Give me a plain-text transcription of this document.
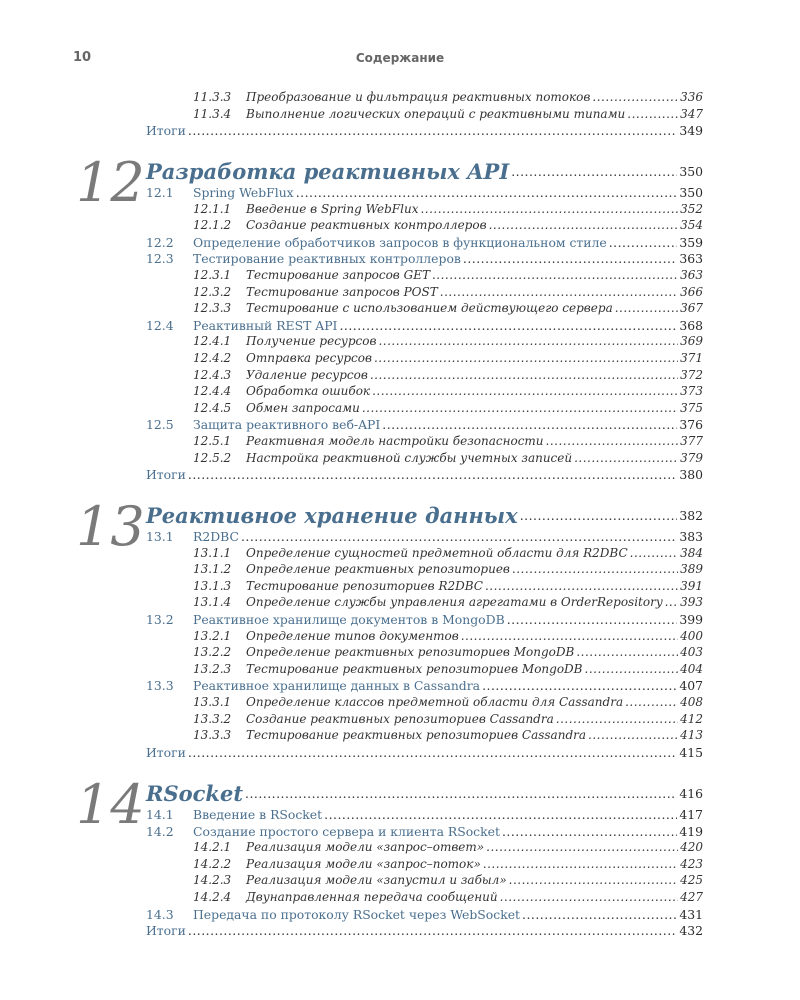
10	Содержание
11.3.3	Преобразование и фильтрация реактивных потоков .....	336
11.3.4	Выполнение логических операций с реактивными типами .....	347
Итоги .....	349
12 Разработка реактивных API .....	350
12.1	Spring WebFlux .....	350
12.1.1	Введение в Spring WebFlux .....	352
12.1.2	Создание реактивных контроллеров .....	354
12.2	Определение обработчиков запросов в функциональном стиле .....	359
12.3	Тестирование реактивных контроллеров .....	363
12.3.1	Тестирование запросов GET .....	363
12.3.2	Тестирование запросов POST .....	366
12.3.3	Тестирование с использованием действующего сервера .....	367
12.4	Реактивный REST API .....	368
12.4.1	Получение ресурсов .....	369
12.4.2	Отправка ресурсов .....	371
12.4.3	Удаление ресурсов .....	372
12.4.4	Обработка ошибок .....	373
12.4.5	Обмен запросами .....	375
12.5	Защита реактивного веб-API .....	376
12.5.1	Реактивная модель настройки безопасности .....	377
12.5.2	Настройка реактивной службы учетных записей .....	379
Итоги .....	380
13 Реактивное хранение данных .....	382
13.1	R2DBC .....	383
13.1.1	Определение сущностей предметной области для R2DBC .....	384
13.1.2	Определение реактивных репозиториев .....	389
13.1.3	Тестирование репозиториев R2DBC .....	391
13.1.4	Определение службы управления агрегатами в OrderRepository ..... 393
13.2	Реактивное хранилище документов в MongoDB .....	399
13.2.1	Определение типов документов .....	400
13.2.2	Определение реактивных репозиториев MongoDB .....	403
13.2.3	Тестирование реактивных репозиториев MongoDB .....	404
13.3	Реактивное хранилище данных в Cassandra .....	407
13.3.1	Определение классов предметной области для Cassandra .....	408
13.3.2	Создание реактивных репозиториев Cassandra .....	412
13.3.3	Тестирование реактивных репозиториев Cassandra .....	413
Итоги .....	415
14 RSocket .....	416
14.1	Введение в RSocket .....	417
14.2	Создание простого сервера и клиента RSocket .....	419
14.2.1	Реализация модели «запрос–ответ» .....	420
14.2.2	Реализация модели «запрос–поток» .....	423
14.2.3	Реализация модели «запустил и забыл» .....	425
14.2.4	Двунаправленная передача сообщений .....	427
14.3	Передача по протоколу RSocket через WebSocket .....	431
Итоги .....	432
